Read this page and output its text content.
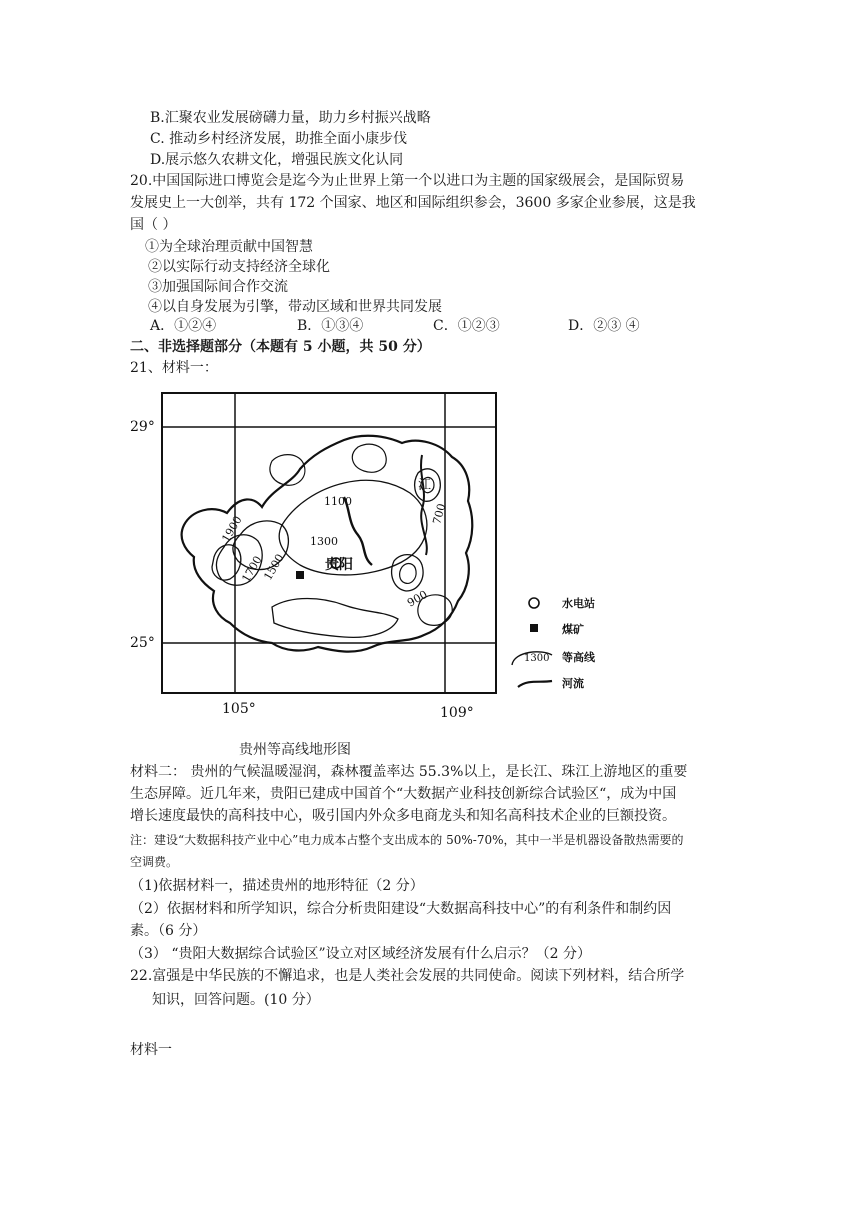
B.汇聚农业发展磅礴力量，助力乡村振兴战略
C. 推动乡村经济发展，助推全面小康步伐
D.展示悠久农耕文化，增强民族文化认同
20.中国国际进口博览会是迄今为止世界上第一个以进口为主题的国家级展会，是国际贸易
发展史上一大创举，共有 172 个国家、地区和国际组织参会，3600 多家企业参展，这是我
国（ ）
①为全球治理贡献中国智慧
②以实际行动支持经济全球化
③加强国际间合作交流
④以自身发展为引擎，带动区域和世界共同发展
A．①②④	B．①③④	C．①②③	D．②③ ④
二、非选择题部分（本题有 5 小题，共 50 分）
21、材料一：
1100
1300
1500
1700
1900
900
700
江
贵阳
29°
25°
105°	109°
水电站
煤矿
1300 等高线
河流
贵州等高线地形图
材料二： 贵州的气候温暖湿润，森林覆盖率达 55.3%以上，是长江、珠江上游地区的重要
生态屏障。近几年来，贵阳已建成中国首个“大数据产业科技创新综合试验区“，成为中国
增长速度最快的高科技中心，吸引国内外众多电商龙头和知名高科技术企业的巨额投资。
注：建设“大数据科技产业中心”电力成本占整个支出成本的 50%-70%，其中一半是机器设备散热需要的
空调费。
（1)依据材料一，描述贵州的地形特征（2 分）
（2）依据材料和所学知识，综合分析贵阳建设“大数据高科技中心”的有利条件和制约因
素。（6 分）
（3） “贵阳大数据综合试验区”设立对区域经济发展有什么启示？（2 分）
22.富强是中华民族的不懈追求，也是人类社会发展的共同使命。阅读下列材料，结合所学
知识，回答问题。(10 分）
材料一
